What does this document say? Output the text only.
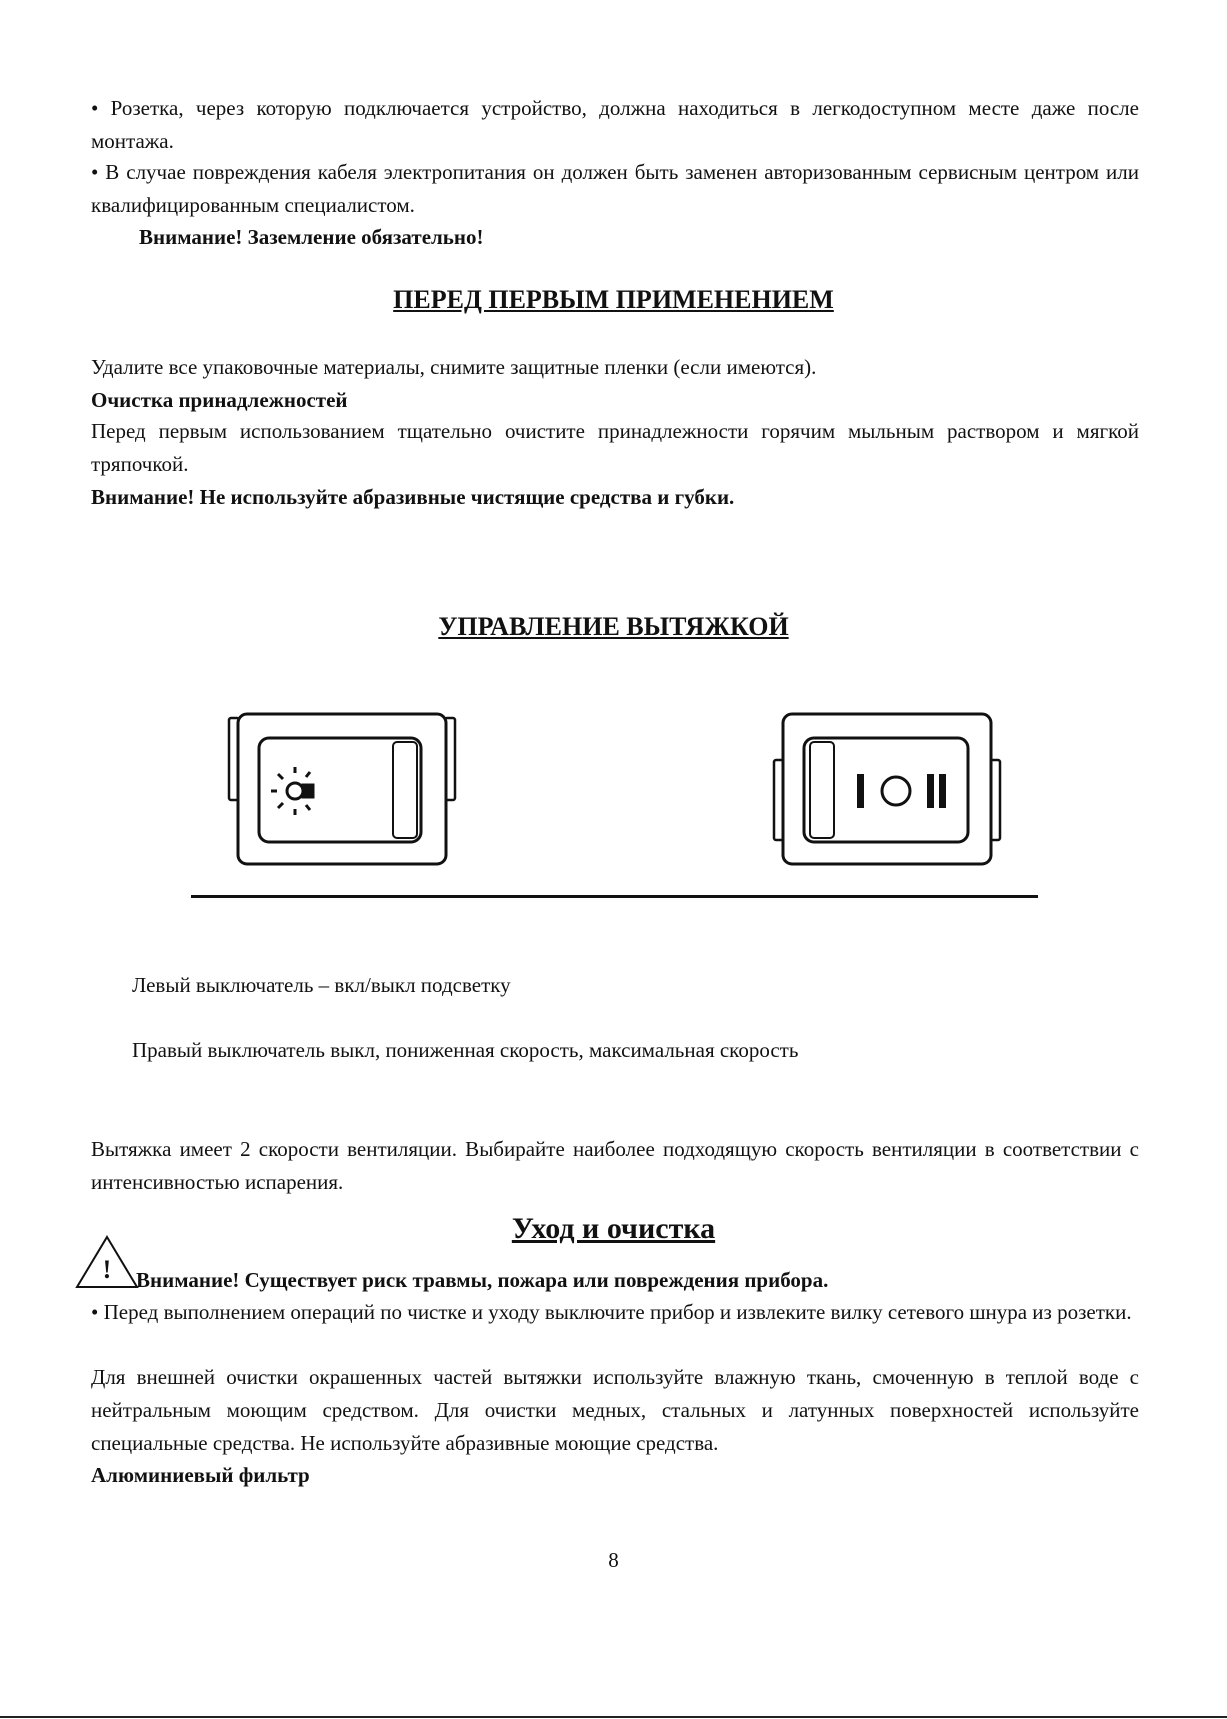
• Розетка, через которую подключается устройство, должна находиться в легкодоступном месте даже после монтажа.
• В случае повреждения кабеля электропитания он должен быть заменен авторизованным сервисным центром или квалифицированным специалистом.
Внимание! Заземление обязательно!
ПЕРЕД ПЕРВЫМ ПРИМЕНЕНИЕМ
Удалите все упаковочные материалы, снимите защитные пленки (если имеются).
Очистка принадлежностей
Перед первым использованием тщательно очистите принадлежности горячим мыльным раствором и мягкой тряпочкой.
Внимание! Не используйте абразивные чистящие средства и губки.
УПРАВЛЕНИЕ ВЫТЯЖКОЙ
Левый выключатель – вкл/выкл подсветку
Правый выключатель выкл, пониженная скорость, максимальная скорость
Вытяжка имеет 2 скорости вентиляции. Выбирайте наиболее подходящую скорость вентиляции в соответствии с интенсивностью испарения.
Уход и очистка
! Внимание! Существует риск травмы, пожара или повреждения прибора.
• Перед выполнением операций по чистке и уходу выключите прибор и извлеките вилку сетевого шнура из розетки.
Для внешней очистки окрашенных частей вытяжки используйте влажную ткань, смоченную в теплой воде с нейтральным моющим средством. Для очистки медных, стальных и латунных поверхностей используйте специальные средства. Не используйте абразивные моющие средства.
Алюминиевый фильтр
8
